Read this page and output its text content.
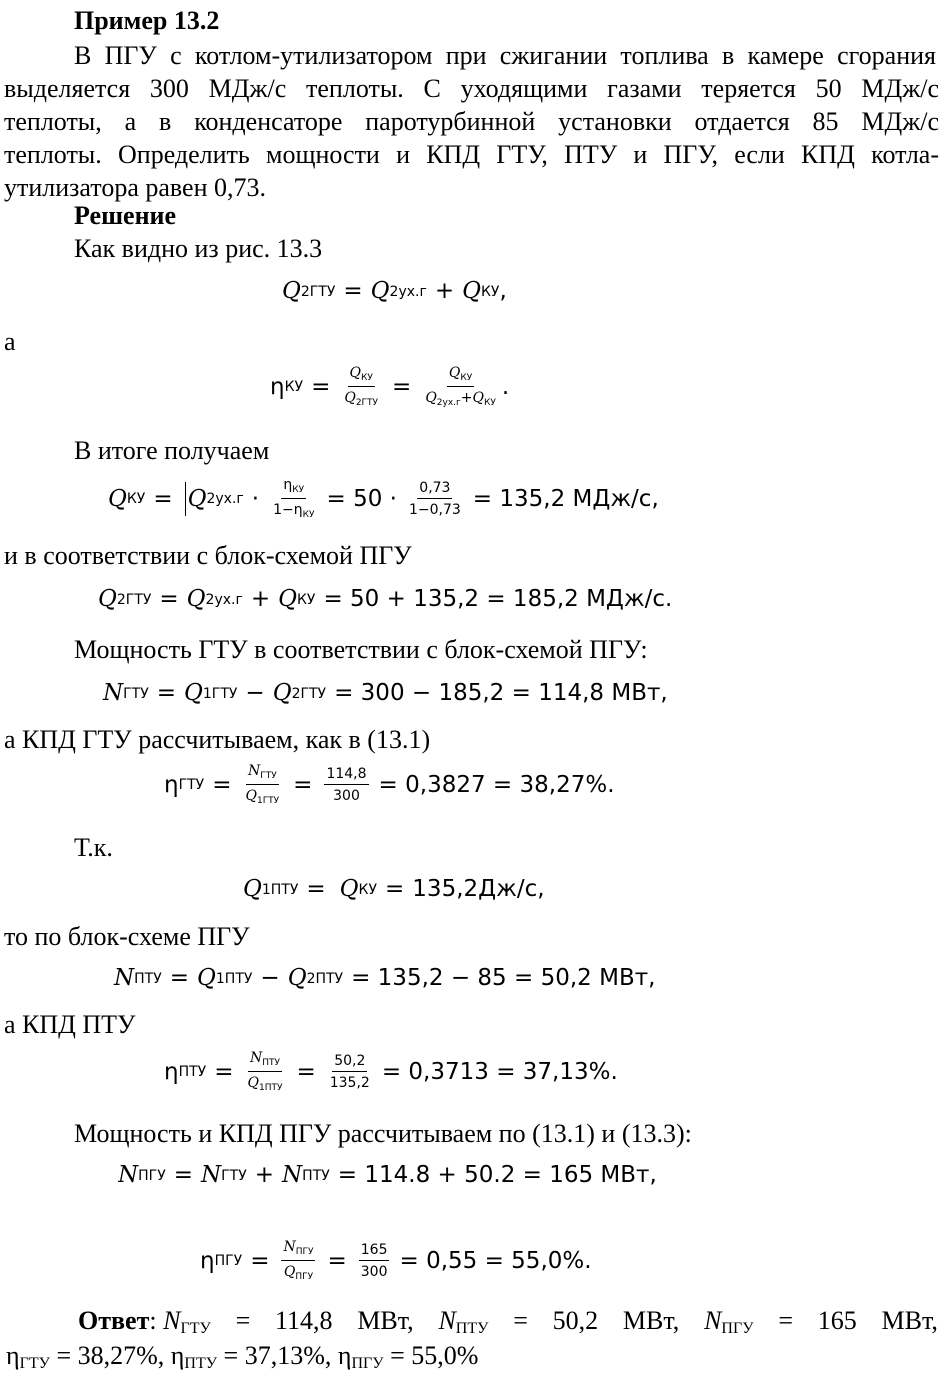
Пример 13.2
В ПГУ с котлом-утилизатором при сжигании топлива в камере сгорания
выделяется 300 МДж/с теплоты. С уходящими газами теряется 50 МДж/с
теплоты, а в конденсаторе паротурбинной установки отдается 85 МДж/с
теплоты. Определить мощности и КПД ГТУ, ПТУ и ПГУ, если КПД котла-
утилизатора равен 0,73.
Решение
Как видно из рис. 13.3
Q 2ГТУ = Q 2ух.г + Q КУ ,
а
η КУ = $\frac{Q_{КУ}}{Q_{2ГТУ}} = \frac{Q_{КУ}}{Q_{2ух.г}+Q_{КУ}}$ .
В итоге получаем
Q КУ = Q $2ух.г \cdot \frac{\eta_{КУ}}{1-\eta_{КУ}} = 50 \cdot \frac{0,73}{1-0,73} = 135,2$ МДж/с,
и в соответствии с блок-схемой ПГУ
Q 2ГТУ = Q 2ух.г + Q КУ = 50 + 135,2 = 185,2 МДж/с.
Мощность ГТУ в соответствии с блок-схемой ПГУ:
N ГТУ = Q 1ГТУ − Q 2ГТУ = 300 − 185,2 = 114,8 МВт,
а КПД ГТУ рассчитываем, как в (13.1)
η ГТУ = $\frac{N_{ГТУ}}{Q_{1ГТУ}} = \frac{114,8}{300} = 0,3827 = 38,27\%$.
Т.к.
Q 1ПТУ = Q КУ = 135,2Дж/с,
то по блок-схеме ПГУ
N ПТУ = Q 1ПТУ − Q 2ПТУ = 135,2 − 85 = 50,2 МВт,
а КПД ПТУ
η ПТУ = $\frac{N_{ПТУ}}{Q_{1ПТУ}} = \frac{50,2}{135,2} = 0,3713 = 37,13\%$.
Мощность и КПД ПГУ рассчитываем по (13.1) и (13.3):
N ПГУ = N ГТУ + N ПТУ = 114.8 + 50.2 = 165 МВт,
η ПГУ = $\frac{N_{ПГУ}}{Q_{ПГУ}} = \frac{165}{300} = 0,55 = 55,0\%$.
Ответ: $N_{ГТУ} = 114,8$ МВт, $N_{ПТУ} = 50,2$ МВт, $N_{ПГУ} = 165$ МВт,
$\eta_{ГТУ} = 38,27\%$, $\eta_{ПТУ} = 37,13\%$, $\eta_{ПГУ} = 55,0\%$
